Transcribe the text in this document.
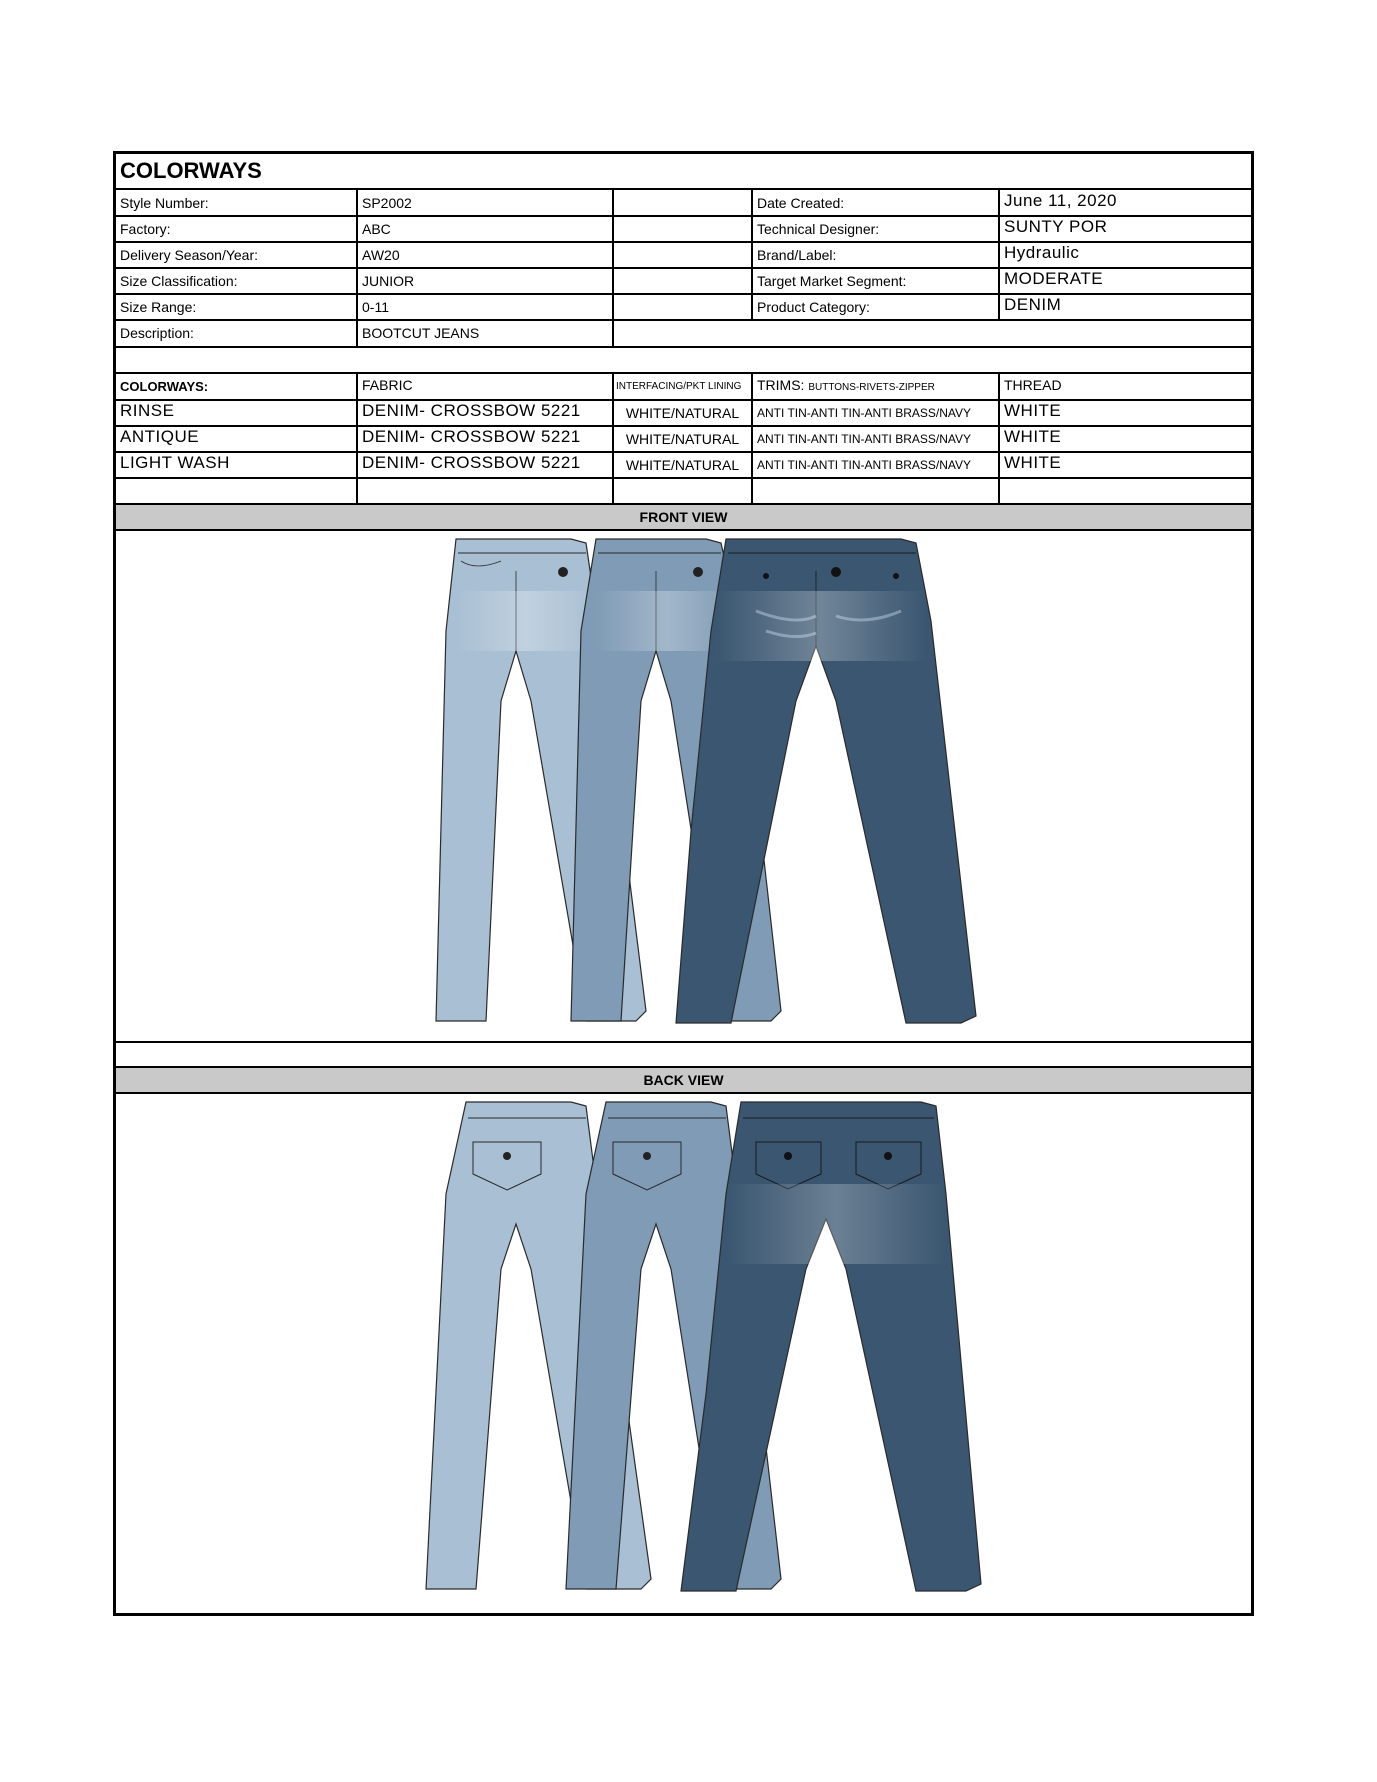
COLORWAYS
Style Number:	SP2002
Factory:	ABC
Delivery Season/Year:	AW20
Size Classification:	JUNIOR
Size Range:	0-11
Description:	BOOTCUT JEANS
Date Created:	June 11, 2020
Technical Designer:	SUNTY POR
Brand/Label:	Hydraulic
Target Market Segment:	MODERATE
Product Category:	DENIM
COLORWAYS:	FABRIC	INTERFACING/PKT LINING	TRIMS: BUTTONS-RIVETS-ZIPPER	THREAD
RINSE	DENIM- CROSSBOW 5221	WHITE/NATURAL	ANTI TIN-ANTI TIN-ANTI BRASS/NAVY	WHITE
ANTIQUE	DENIM- CROSSBOW 5221	WHITE/NATURAL	ANTI TIN-ANTI TIN-ANTI BRASS/NAVY	WHITE
LIGHT WASH	DENIM- CROSSBOW 5221	WHITE/NATURAL	ANTI TIN-ANTI TIN-ANTI BRASS/NAVY	WHITE
FRONT VIEW
BACK VIEW
